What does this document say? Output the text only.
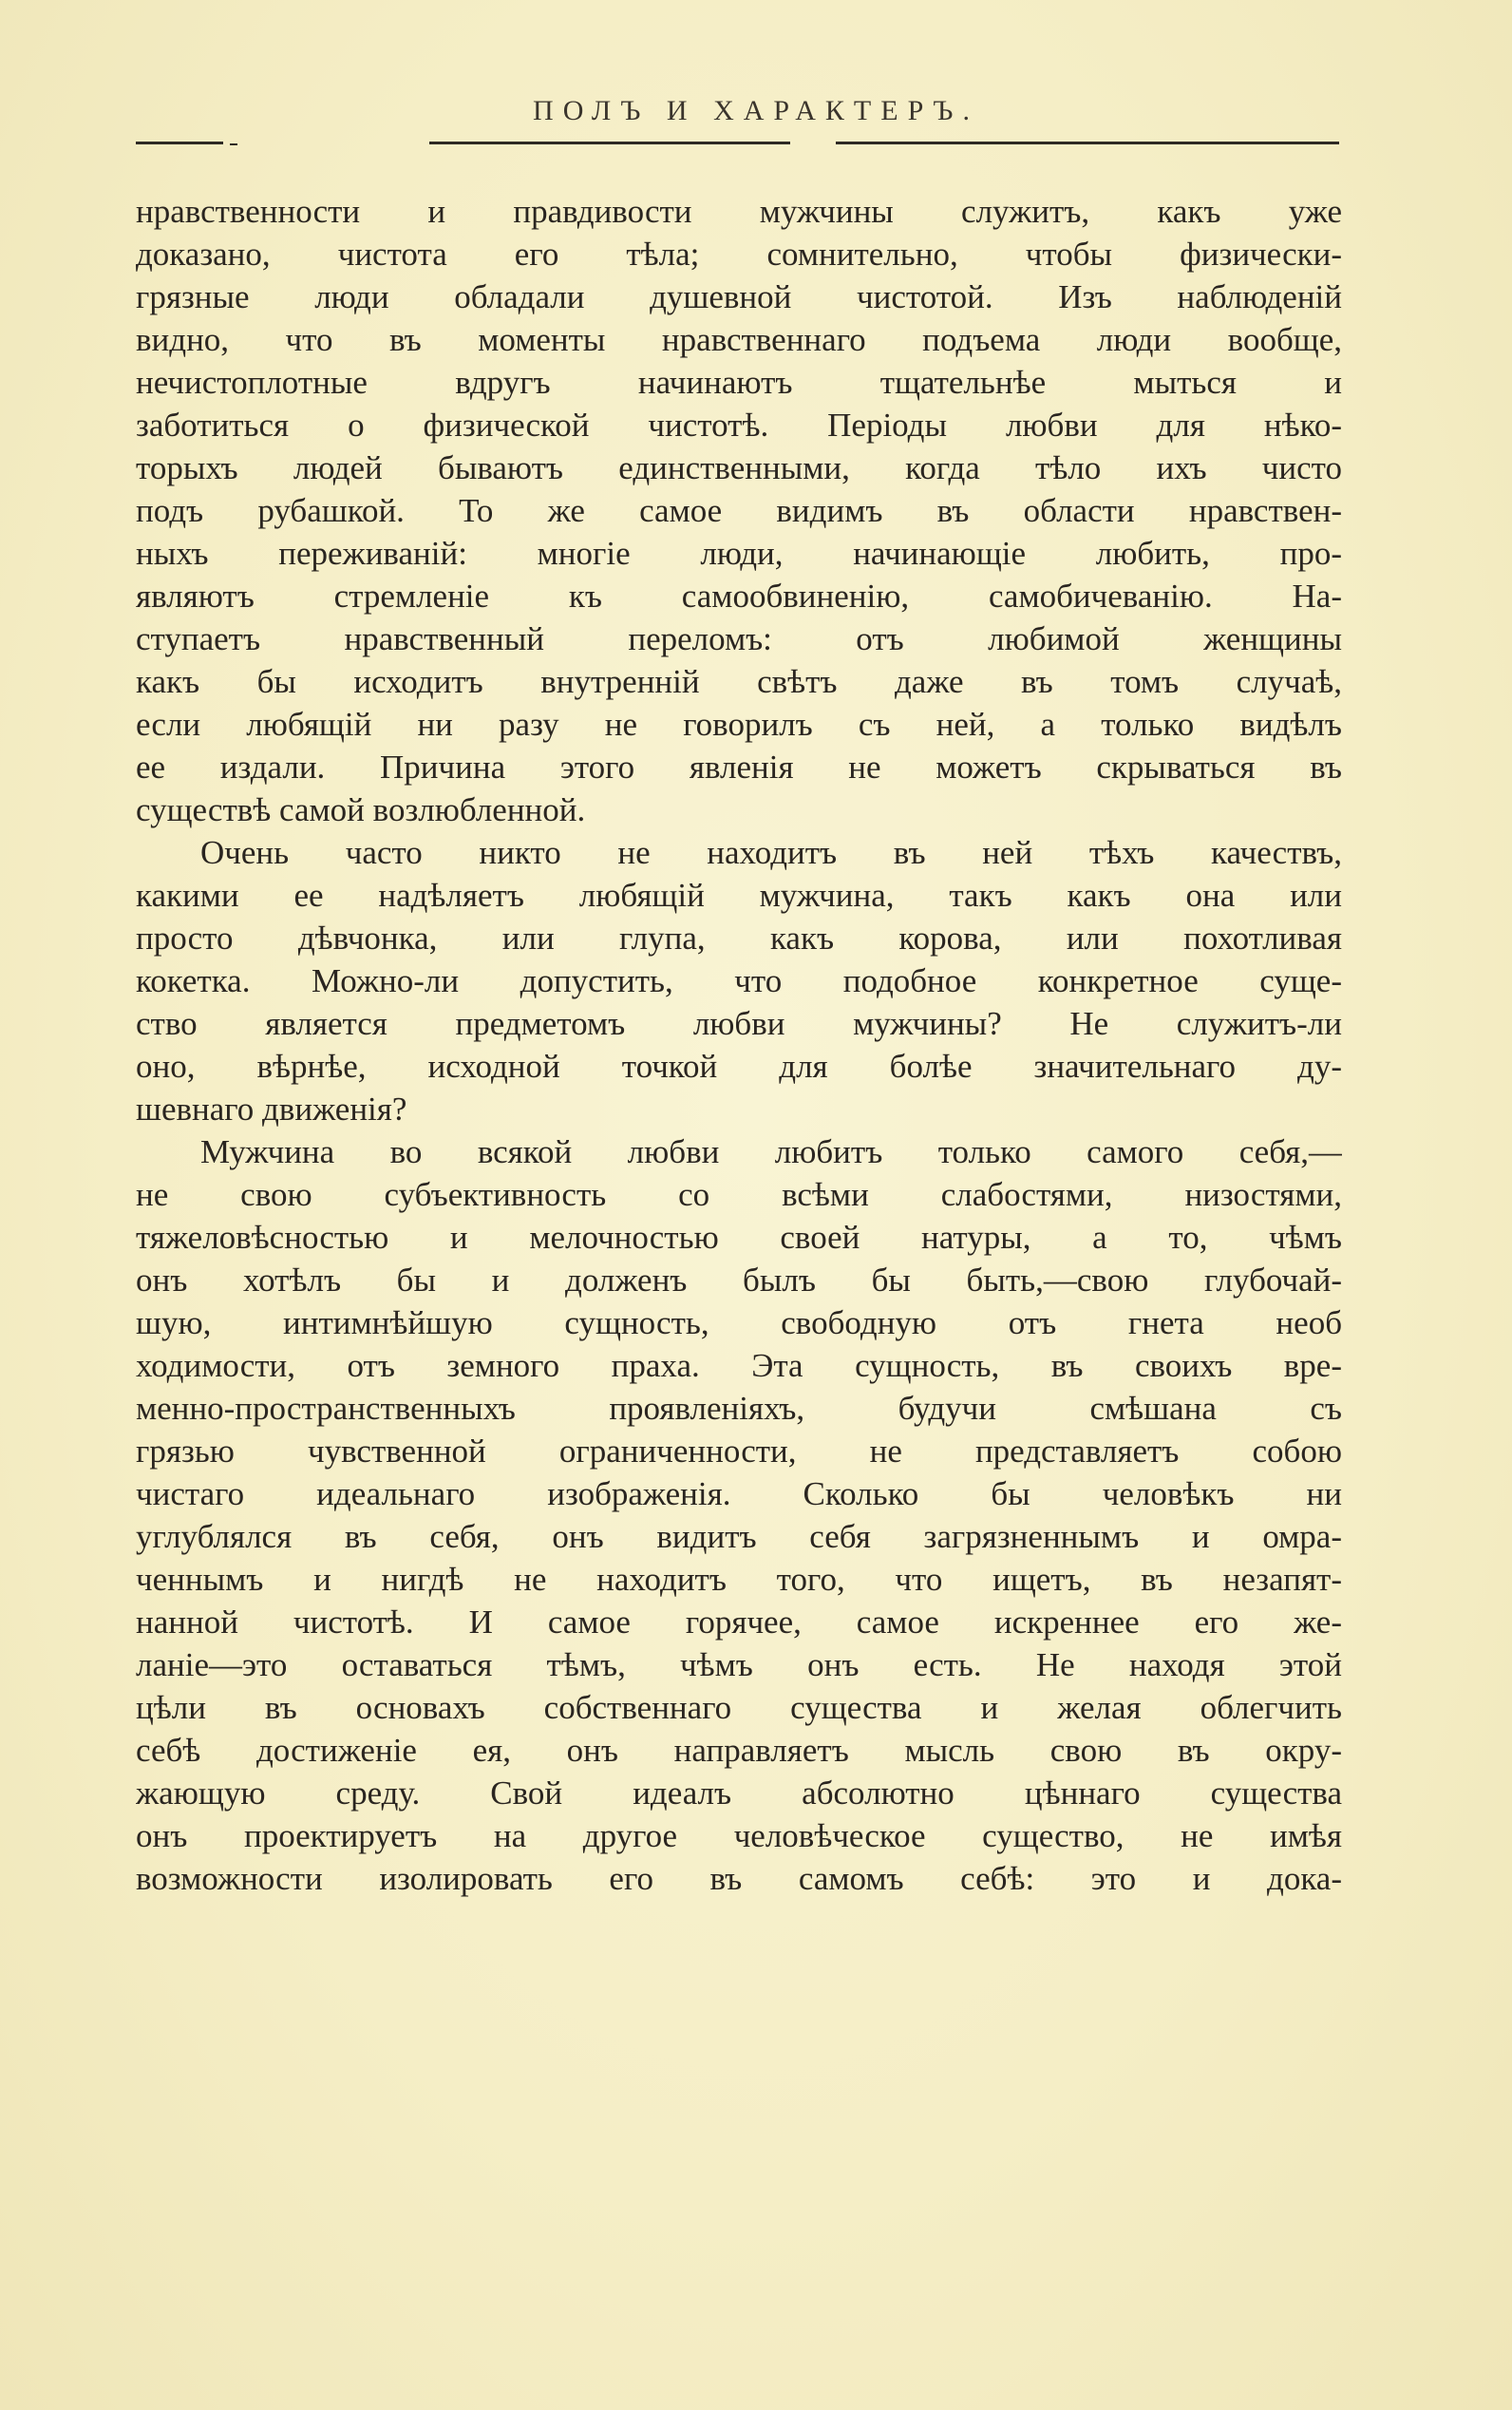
ПОЛЪ И ХАРАКТЕРЪ.
нравственности и правдивости мужчины служитъ, какъ уже
доказано, чистота его тѣла; сомнительно, чтобы физически-
грязные люди обладали душевной чистотой. Изъ наблюденій
видно, что въ моменты нравственнаго подъема люди вообще,
нечистоплотные вдругъ начинаютъ тщательнѣе мыться и
заботиться о физической чистотѣ. Періоды любви для нѣко-
торыхъ людей бываютъ единственными, когда тѣло ихъ чисто
подъ рубашкой. То же самое видимъ въ области нравствен-
ныхъ переживаній: многіе люди, начинающіе любить, про-
являютъ стремленіе къ самообвиненію, самобичеванію. На-
ступаетъ нравственный переломъ: отъ любимой женщины
какъ бы исходитъ внутренній свѣтъ даже въ томъ случаѣ,
если любящій ни разу не говорилъ съ ней, а только видѣлъ
ее издали. Причина этого явленія не можетъ скрываться въ
существѣ самой возлюбленной.
Очень часто никто не находитъ въ ней тѣхъ качествъ,
какими ее надѣляетъ любящій мужчина, такъ какъ она или
просто дѣвчонка, или глупа, какъ корова, или похотливая
кокетка. Можно-ли допустить, что подобное конкретное суще-
ство является предметомъ любви мужчины? Не служитъ-ли
оно, вѣрнѣе, исходной точкой для болѣе значительнаго ду-
шевнаго движенія?
Мужчина во всякой любви любитъ только самого себя,—
не свою субъективность со всѣми слабостями, низостями,
тяжеловѣсностью и мелочностью своей натуры, а то, чѣмъ
онъ хотѣлъ бы и долженъ былъ бы быть,—свою глубочай-
шую, интимнѣйшую сущность, свободную отъ гнета необ
ходимости, отъ земного праха. Эта сущность, въ своихъ вре-
менно-пространственныхъ проявленіяхъ, будучи смѣшана съ
грязью чувственной ограниченности, не представляетъ собою
чистаго идеальнаго изображенія. Сколько бы человѣкъ ни
углублялся въ себя, онъ видитъ себя загрязненнымъ и омра-
ченнымъ и нигдѣ не находитъ того, что ищетъ, въ незапят-
нанной чистотѣ. И самое горячее, самое искреннее его же-
ланіе—это оставаться тѣмъ, чѣмъ онъ есть. Не находя этой
цѣли въ основахъ собственнаго существа и желая облегчить
себѣ достиженіе ея, онъ направляетъ мысль свою въ окру-
жающую среду. Свой идеалъ абсолютно цѣннаго существа
онъ проектируетъ на другое человѣческое существо, не имѣя
возможности изолировать его въ самомъ себѣ: это и дока-
